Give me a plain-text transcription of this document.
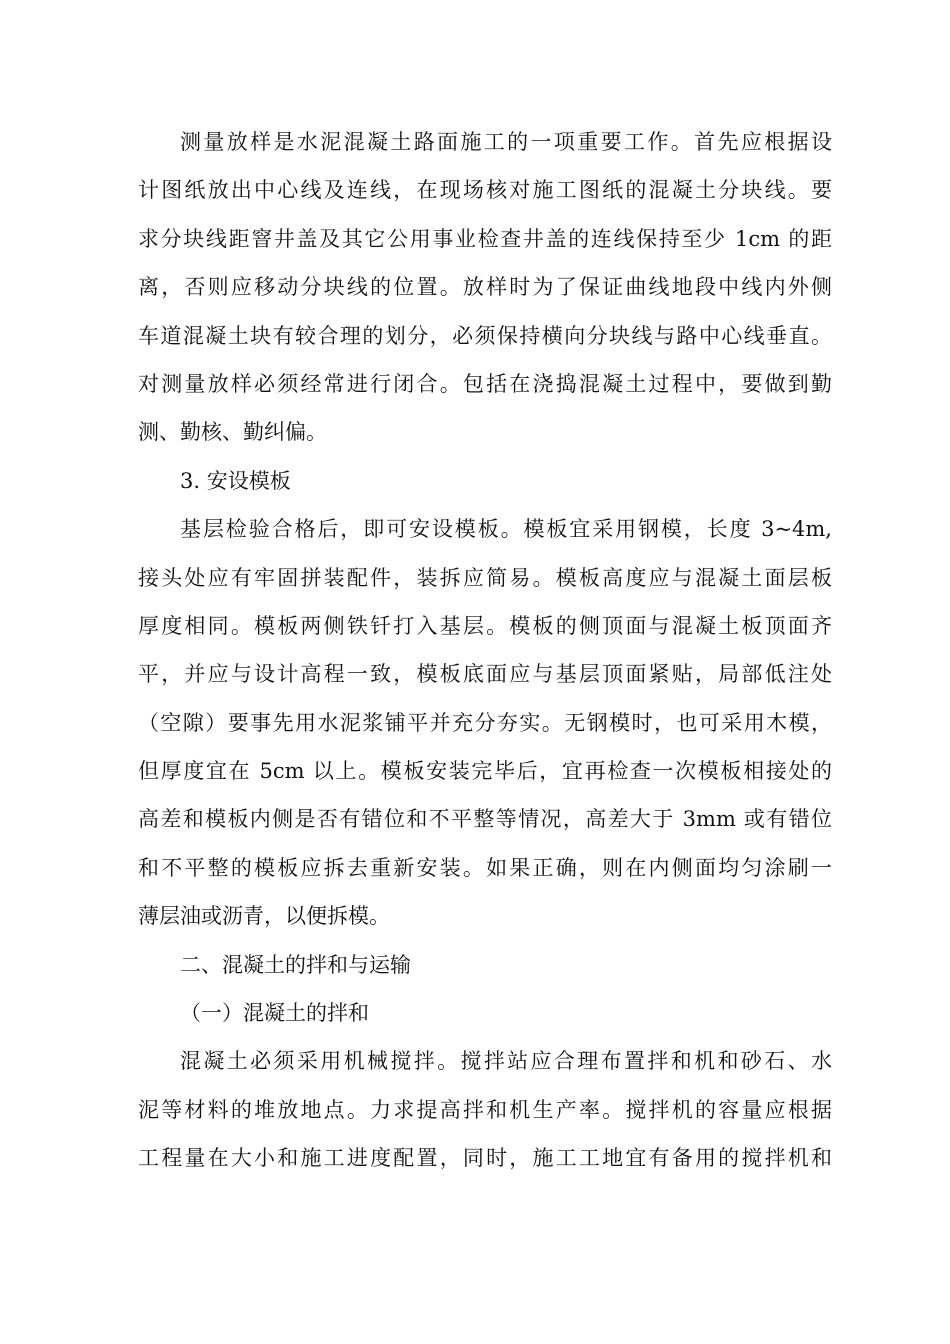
测量放样是水泥混凝土路面施工的一项重要工作。首先应根据设
计图纸放出中心线及连线，在现场核对施工图纸的混凝土分块线。要
求分块线距窨井盖及其它公用事业检查井盖的连线保持至少 1cm 的距
离，否则应移动分块线的位置。放样时为了保证曲线地段中线内外侧
车道混凝土块有较合理的划分，必须保持横向分块线与路中心线垂直。
对测量放样必须经常进行闭合。包括在浇捣混凝土过程中，要做到勤
测、勤核、勤纠偏。
3. 安设模板
基层检验合格后，即可安设模板。模板宜采用钢模，长度 3~4m,
接头处应有牢固拼装配件，装拆应简易。模板高度应与混凝土面层板
厚度相同。模板两侧铁钎打入基层。模板的侧顶面与混凝土板顶面齐
平，并应与设计高程一致，模板底面应与基层顶面紧贴，局部低注处
（空隙）要事先用水泥浆铺平并充分夯实。无钢模时，也可采用木模，
但厚度宜在 5cm 以上。模板安装完毕后，宜再检查一次模板相接处的
高差和模板内侧是否有错位和不平整等情况，高差大于 3mm 或有错位
和不平整的模板应拆去重新安装。如果正确，则在内侧面均匀涂刷一
薄层油或沥青，以便拆模。
二、混凝土的拌和与运输
（一）混凝土的拌和
混凝土必须采用机械搅拌。搅拌站应合理布置拌和机和砂石、水
泥等材料的堆放地点。力求提高拌和机生产率。搅拌机的容量应根据
工程量在大小和施工进度配置，同时，施工工地宜有备用的搅拌机和
